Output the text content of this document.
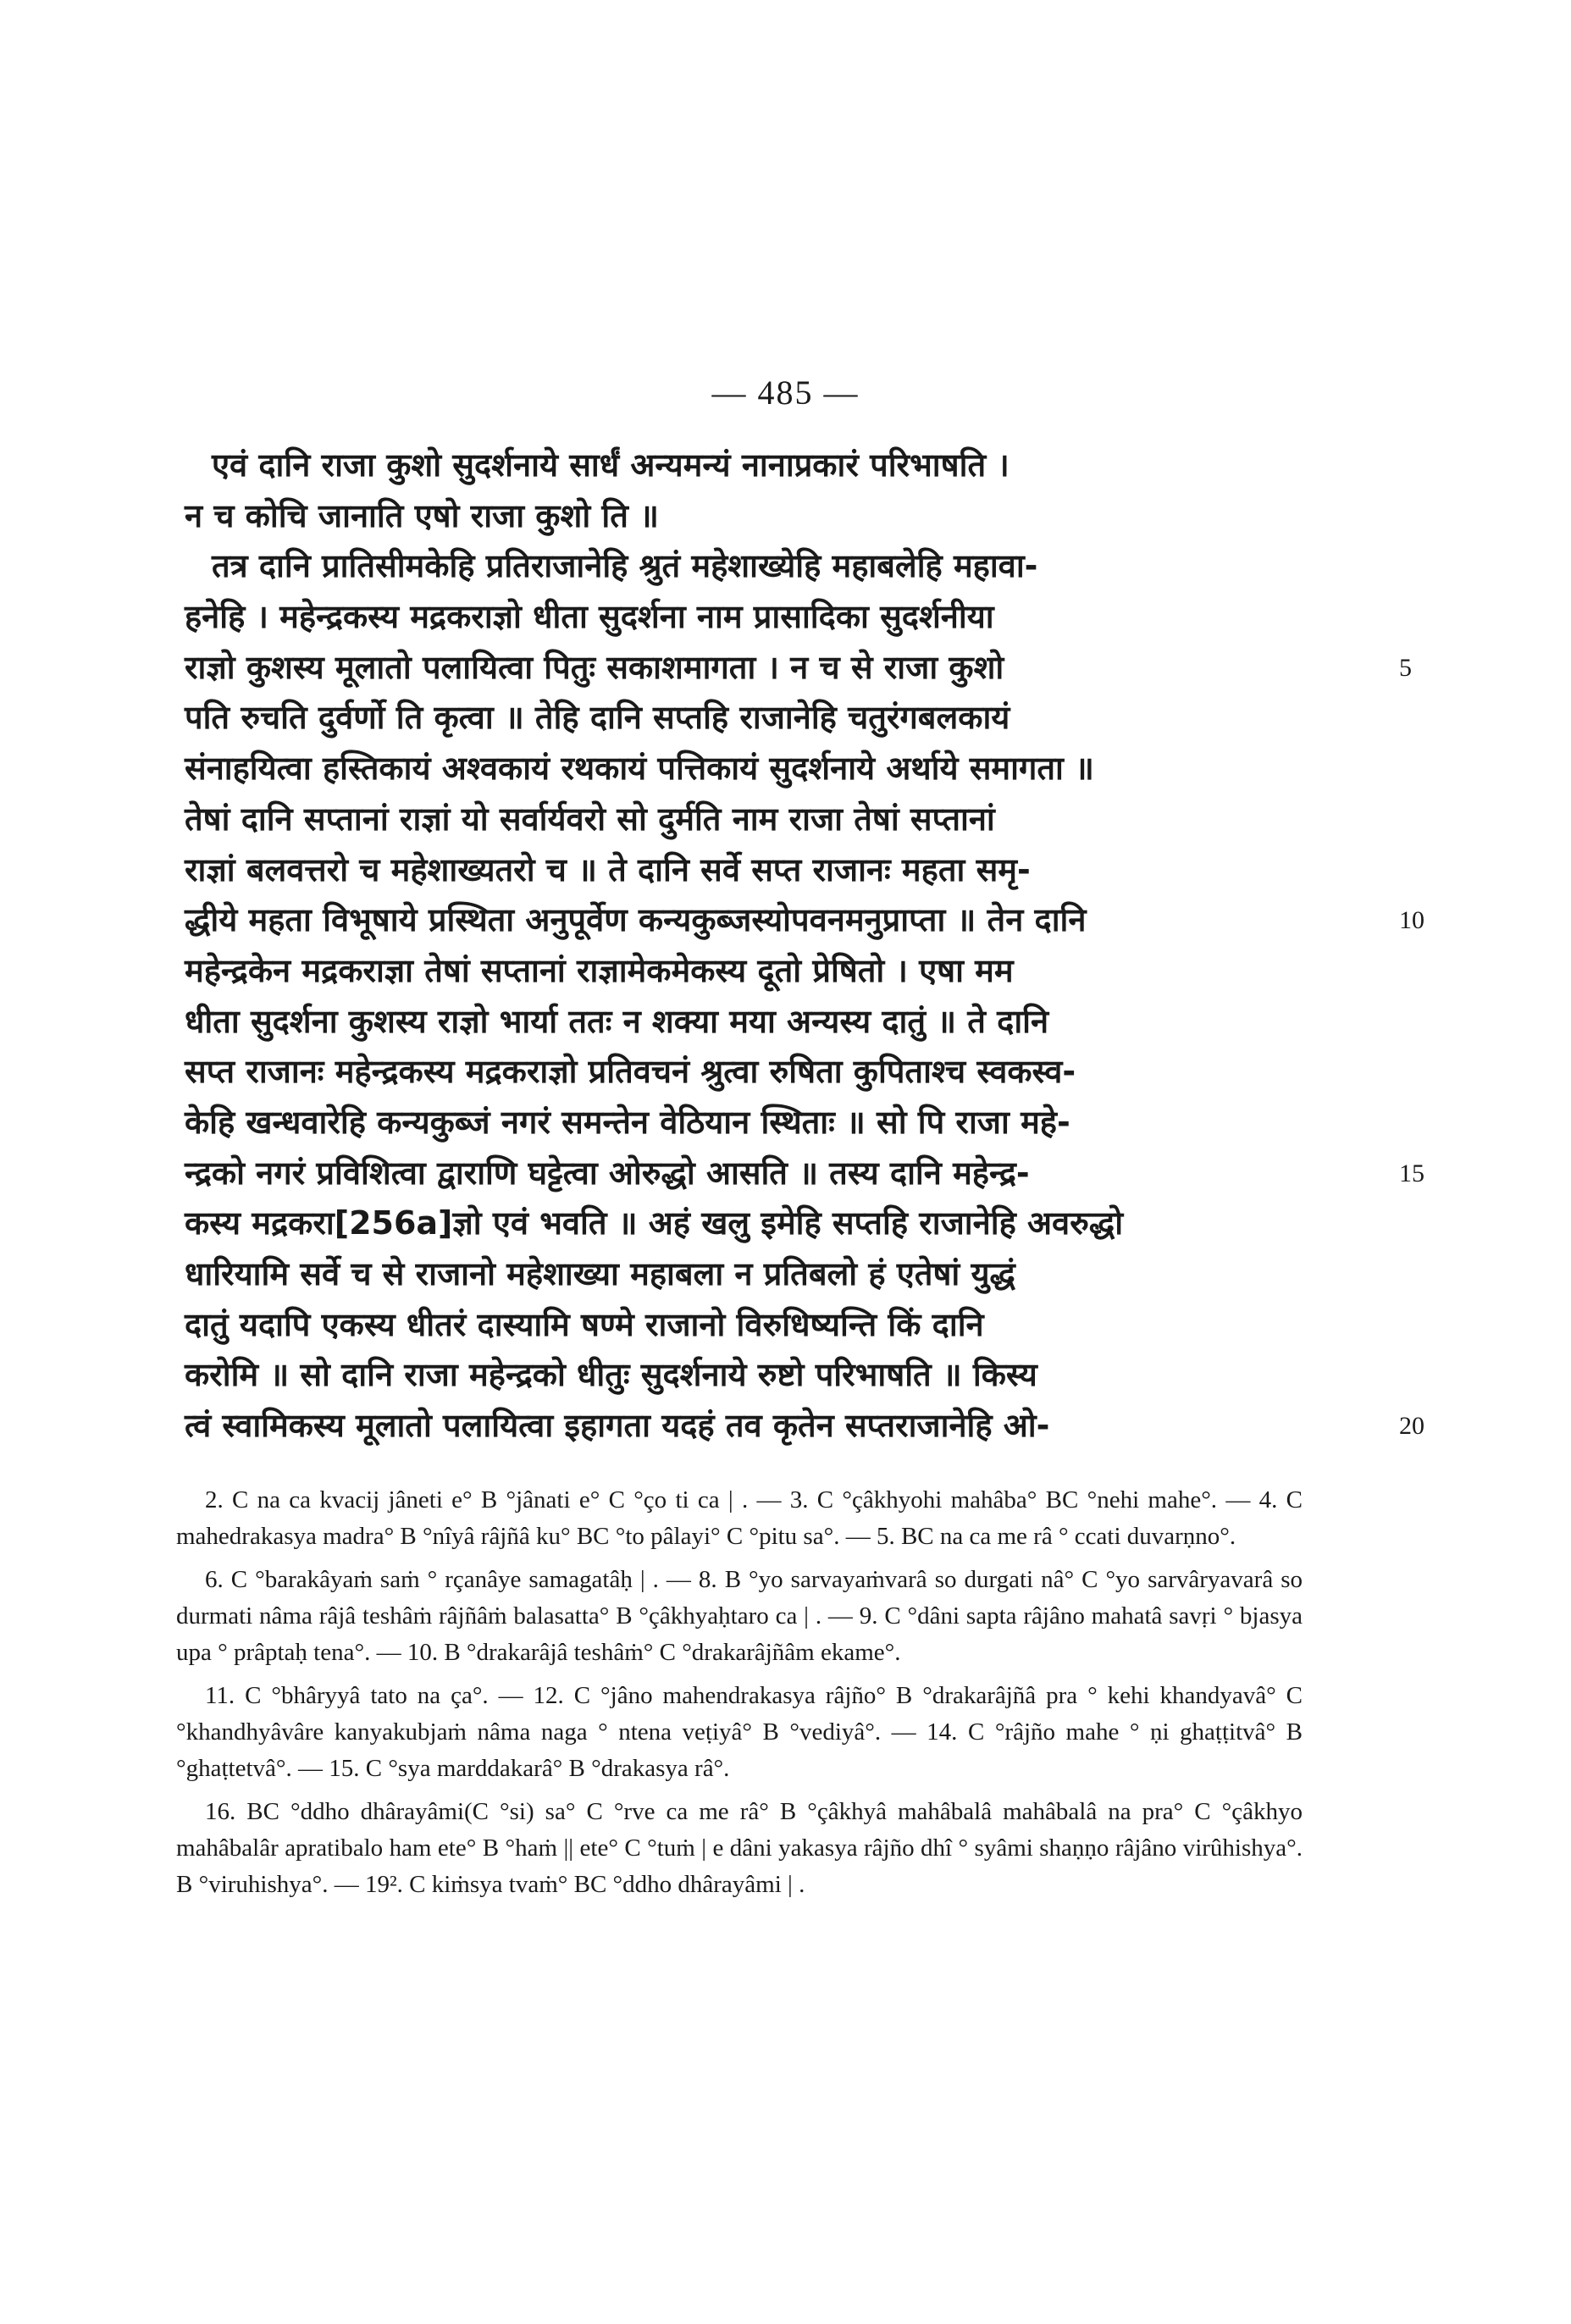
— 485 —
एवं दानि राजा कुशो सुदर्शनाये सार्धं अन्यमन्यं नानाप्रकारं परिभाषति ।
न च कोचि जानाति एषो राजा कुशो ति ॥
तत्र दानि प्रातिसीमकेहि प्रतिराजानेहि श्रुतं महेशाख्येहि महाबलेहि महावा-
हनेहि । महेन्द्रकस्य मद्रकराज्ञो धीता सुदर्शना नाम प्रासादिका सुदर्शनीया
राज्ञो कुशस्य मूलातो पलायित्वा पितुः सकाशमागता । न च से राजा कुशो	5
पति रुचति दुर्वर्णो ति कृत्वा ॥ तेहि दानि सप्तहि राजानेहि चतुरंगबलकायं
संनाहयित्वा हस्तिकायं अश्वकायं रथकायं पत्तिकायं सुदर्शनाये अर्थाये समागता ॥
तेषां दानि सप्तानां राज्ञां यो सर्वार्यवरो सो दुर्मति नाम राजा तेषां सप्तानां
राज्ञां बलवत्तरो च महेशाख्यतरो च ॥ ते दानि सर्वे सप्त राजानः महता समृ-
द्धीये महता विभूषाये प्रस्थिता अनुपूर्वेण कन्यकुब्जस्योपवनमनुप्राप्ता ॥ तेन दानि	10
महेन्द्रकेन मद्रकराज्ञा तेषां सप्तानां राज्ञामेकमेकस्य दूतो प्रेषितो । एषा मम
धीता सुदर्शना कुशस्य राज्ञो भार्या ततः न शक्या मया अन्यस्य दातुं ॥ ते दानि
सप्त राजानः महेन्द्रकस्य मद्रकराज्ञो प्रतिवचनं श्रुत्वा रुषिता कुपिताश्च स्वकस्व-
केहि खन्धवारेहि कन्यकुब्जं नगरं समन्तेन वेठियान स्थिताः ॥ सो पि राजा महे-
न्द्रको नगरं प्रविशित्वा द्वाराणि घट्टेत्वा ओरुद्धो आसति ॥ तस्य दानि महेन्द्र-	15
कस्य मद्रकरा[256a]ज्ञो एवं भवति ॥ अहं खलु इमेहि सप्तहि राजानेहि अवरुद्धो
धारियामि सर्वे च से राजानो महेशाख्या महाबला न प्रतिबलो हं एतेषां युद्धं
दातुं यदापि एकस्य धीतरं दास्यामि षण्मे राजानो विरुधिष्यन्ति किं दानि
करोमि ॥ सो दानि राजा महेन्द्रको धीतुः सुदर्शनाये रुष्टो परिभाषति ॥ किस्य
त्वं स्वामिकस्य मूलातो पलायित्वा इहागता यदहं तव कृतेन सप्तराजानेहि ओ-	20

2. C na ca kvacij jâneti e° B °jânati e° C °ço ti ca | . — 3. C °çâkhyohi mahâba° BC °nehi mahe°. — 4. C mahedrakasya madra° B °nîyâ râjñâ ku° BC °to pâlayi° C °pitu sa°. — 5. BC na ca me râ ° ccati duvarṇno°.

6. C °barakâyaṁ saṁ ° rçanâye samagatâḥ | . — 8. B °yo sarvayaṁvarâ so durgati nâ° C °yo sarvâryavarâ so durmati nâma râjâ teshâṁ râjñâṁ balasatta° B °çâkhyaḥtaro ca | . — 9. C °dâni sapta râjâno mahatâ savṛi ° bjasya upa ° prâptaḥ tena°. — 10. B °drakarâjâ teshâṁ° C °drakarâjñâm ekame°.

11. C °bhâryyâ tato na ça°. — 12. C °jâno mahendrakasya râjño° B °drakarâjñâ pra ° kehi khandyavâ° C °khandhyâvâre kanyakubjaṁ nâma naga ° ntena veṭiyâ° B °vediyâ°. — 14. C °râjño mahe ° ṇi ghaṭṭitvâ° B °ghaṭtetvâ°. — 15. C °sya marddakarâ° B °drakasya râ°.

16. BC °ddho dhârayâmi(C °si) sa° C °rve ca me râ° B °çâkhyâ mahâbalâ mahâbalâ na pra° C °çâkhyo mahâbalâr apratibalo ham ete° B °haṁ || ete° C °tuṁ | e dâni yakasya râjño dhî ° syâmi shaṇṇo râjâno virûhishya°. B °viruhishya°. — 19². C kiṁsya tvaṁ° BC °ddho dhârayâmi | .
